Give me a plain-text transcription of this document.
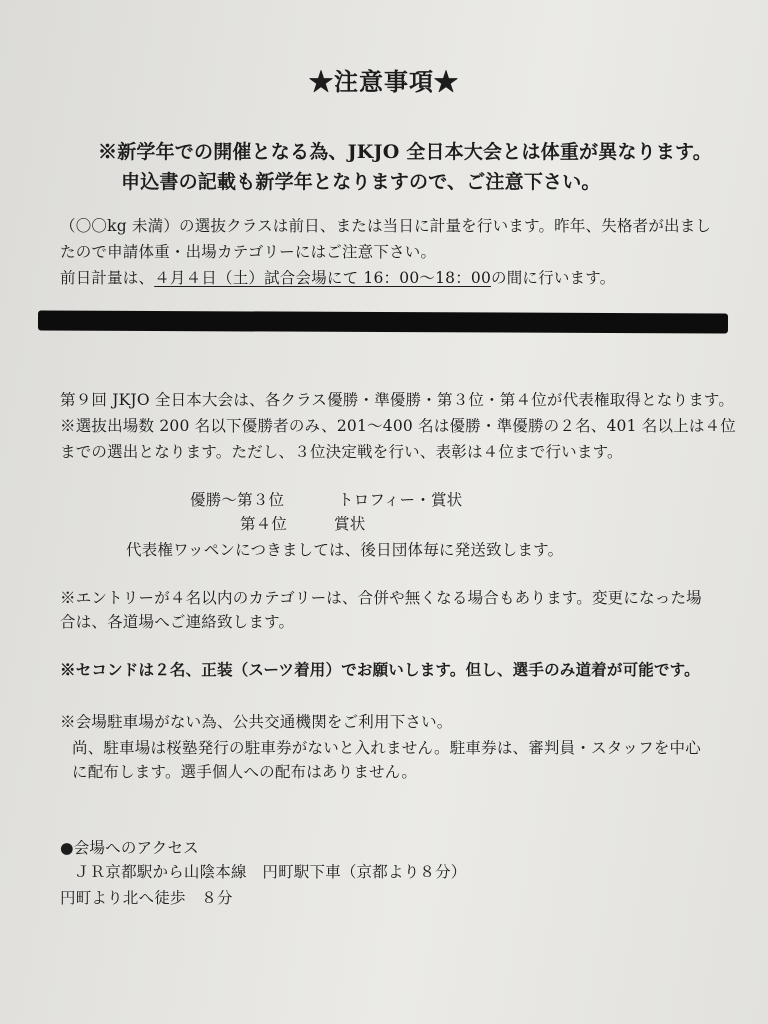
★注意事項★
※新学年での開催となる為、JKJO 全日本大会とは体重が異なります。
申込書の記載も新学年となりますので、ご注意下さい。
（〇〇kg 未満）の選抜クラスは前日、または当日に計量を行います。昨年、失格者が出まし
たので申請体重・出場カテゴリーにはご注意下さい。
前日計量は、４月４日（土）試合会場にて 16：00～18：00の間に行います。
第９回 JKJO 全日本大会は、各クラス優勝・準優勝・第３位・第４位が代表権取得となります。
※選抜出場数 200 名以下優勝者のみ、201～400 名は優勝・準優勝の２名、401 名以上は４位
までの選出となります。ただし、３位決定戦を行い、表彰は４位まで行います。
優勝～第３位	トロフィー・賞状
第４位	賞状
代表権ワッペンにつきましては、後日団体毎に発送致します。
※エントリーが４名以内のカテゴリーは、合併や無くなる場合もあります。変更になった場
合は、各道場へご連絡致します。
※セコンドは２名、正装（スーツ着用）でお願いします。但し、選手のみ道着が可能です。
※会場駐車場がない為、公共交通機関をご利用下さい。
尚、駐車場は桜塾発行の駐車券がないと入れません。駐車券は、審判員・スタッフを中心
に配布します。選手個人への配布はありません。
●会場へのアクセス
ＪＲ京都駅から山陰本線　円町駅下車（京都より８分）
円町より北へ徒歩　８分
